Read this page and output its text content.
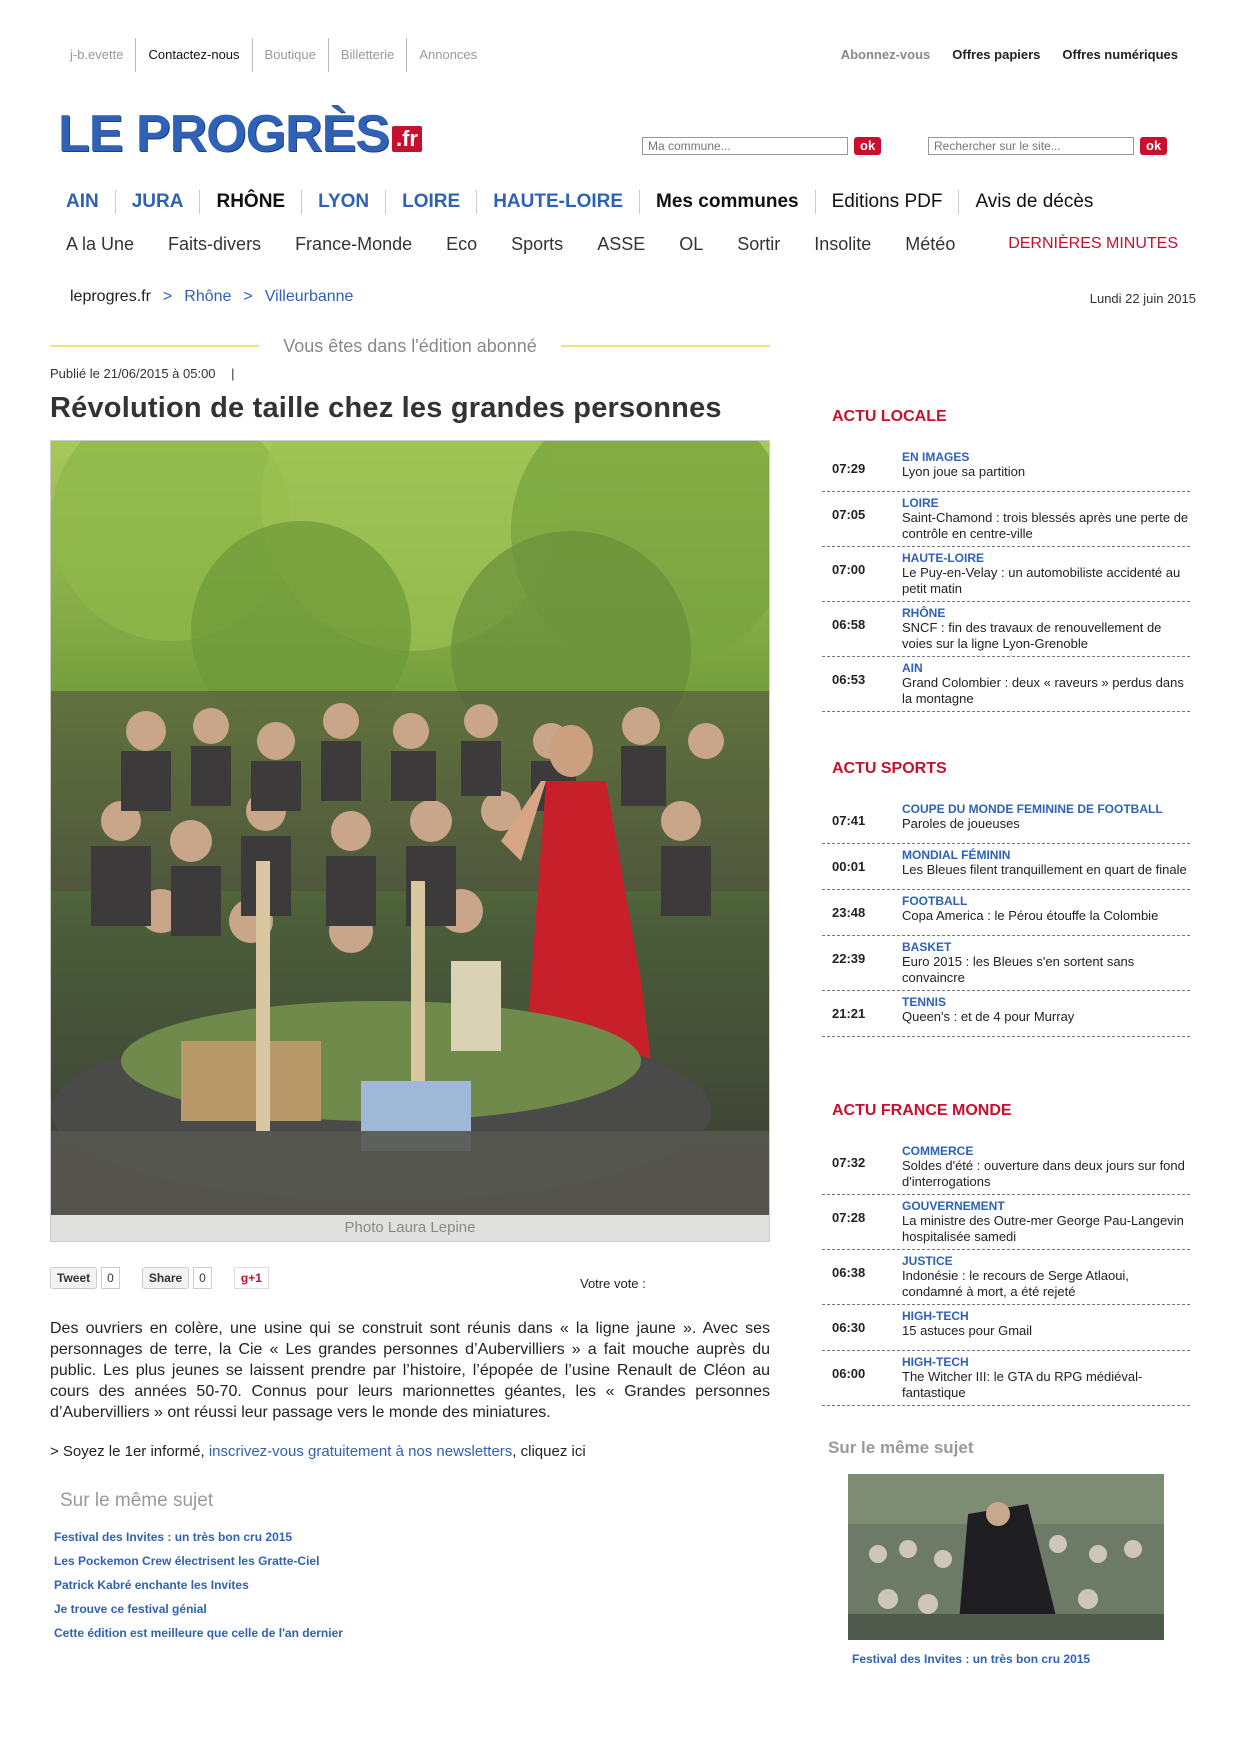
j-b.evette	Contactez-nous	Boutique	Billetterie	Annonces	Abonnez-vous Offres papiers Offres numériques
LE PROGRÈS .fr
Ma commune...	ok
Rechercher sur le site...	ok
AIN	JURA	RHÔNE	LYON	LOIRE	HAUTE-LOIRE	Mes communes	Editions PDF	Avis de décès
A la Une Faits-divers France-Monde Eco Sports ASSE OL Sortir Insolite Météo	DERNIÈRES MINUTES
leprogres.fr > Rhône > Villeurbanne	Lundi 22 juin 2015
Vous êtes dans l'édition abonné
Publié le 21/06/2015 à 05:00 |
Révolution de taille chez les grandes personnes
Photo Laura Lepine
Tweet	0	Share	0	g+1	Votre vote :
Des ouvriers en colère, une usine qui se construit sont réunis dans « la ligne jaune ». Avec ses personnages de terre, la Cie « Les grandes personnes d’Aubervilliers » a fait mouche auprès du public. Les plus jeunes se laissent prendre par l’histoire, l’épopée de l’usine Renault de Cléon au cours des années 50-70. Connus pour leurs marionnettes géantes, les « Grandes personnes d’Aubervilliers » ont réussi leur passage vers le monde des miniatures.
> Soyez le 1er informé, inscrivez-vous gratuitement à nos newsletters, cliquez ici
Sur le même sujet
Festival des Invites : un très bon cru 2015
Les Pockemon Crew électrisent les Gratte-Ciel
Patrick Kabré enchante les Invites
Je trouve ce festival génial
Cette édition est meilleure que celle de l'an dernier
ACTU LOCALE
07:29
EN IMAGES
Lyon joue sa partition
07:05
LOIRE
Saint-Chamond : trois blessés après une perte de contrôle en centre-ville
07:00
HAUTE-LOIRE
Le Puy-en-Velay : un automobiliste accidenté au petit matin
06:58
RHÔNE
SNCF : fin des travaux de renouvellement de voies sur la ligne Lyon-Grenoble
06:53
AIN
Grand Colombier : deux « raveurs » perdus dans la montagne
ACTU SPORTS
07:41
COUPE DU MONDE FEMININE DE FOOTBALL
Paroles de joueuses
00:01
MONDIAL FÉMININ
Les Bleues filent tranquillement en quart de finale
23:48
FOOTBALL
Copa America : le Pérou étouffe la Colombie
22:39
BASKET
Euro 2015 : les Bleues s'en sortent sans convaincre
21:21
TENNIS
Queen's : et de 4 pour Murray
ACTU FRANCE MONDE
07:32
COMMERCE
Soldes d'été : ouverture dans deux jours sur fond d'interrogations
07:28
GOUVERNEMENT
La ministre des Outre-mer George Pau-Langevin hospitalisée samedi
06:38
JUSTICE
Indonésie : le recours de Serge Atlaoui, condamné à mort, a été rejeté
06:30
HIGH-TECH
15 astuces pour Gmail
06:00
HIGH-TECH
The Witcher III: le GTA du RPG médiéval-fantastique
Sur le même sujet
Festival des Invites : un très bon cru 2015
